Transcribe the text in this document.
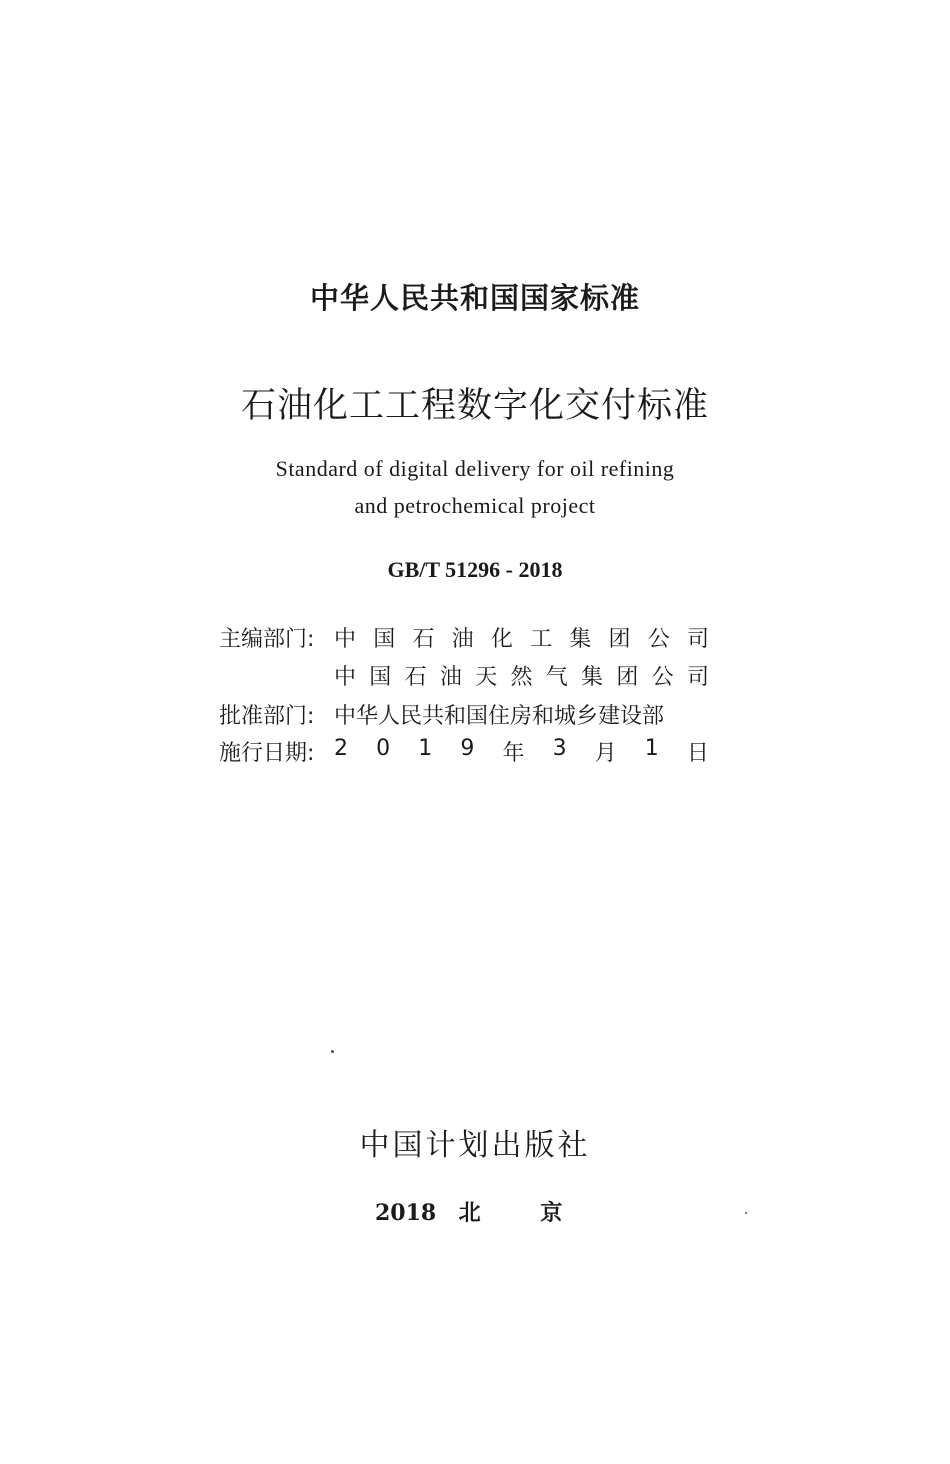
中华人民共和国国家标准
石油化工工程数字化交付标准
Standard of digital delivery for oil refining
and petrochemical project
GB/T 51296 - 2018
主编部门: 中 国 石 油 化 工 集 团 公 司
中 国 石 油 天 然 气 集 团 公 司
批准部门: 中华人民共和国住房和城乡建设部
施行日期: 2 0 1 9 年 3 月 1 日
中国计划出版社
2018 北	京
